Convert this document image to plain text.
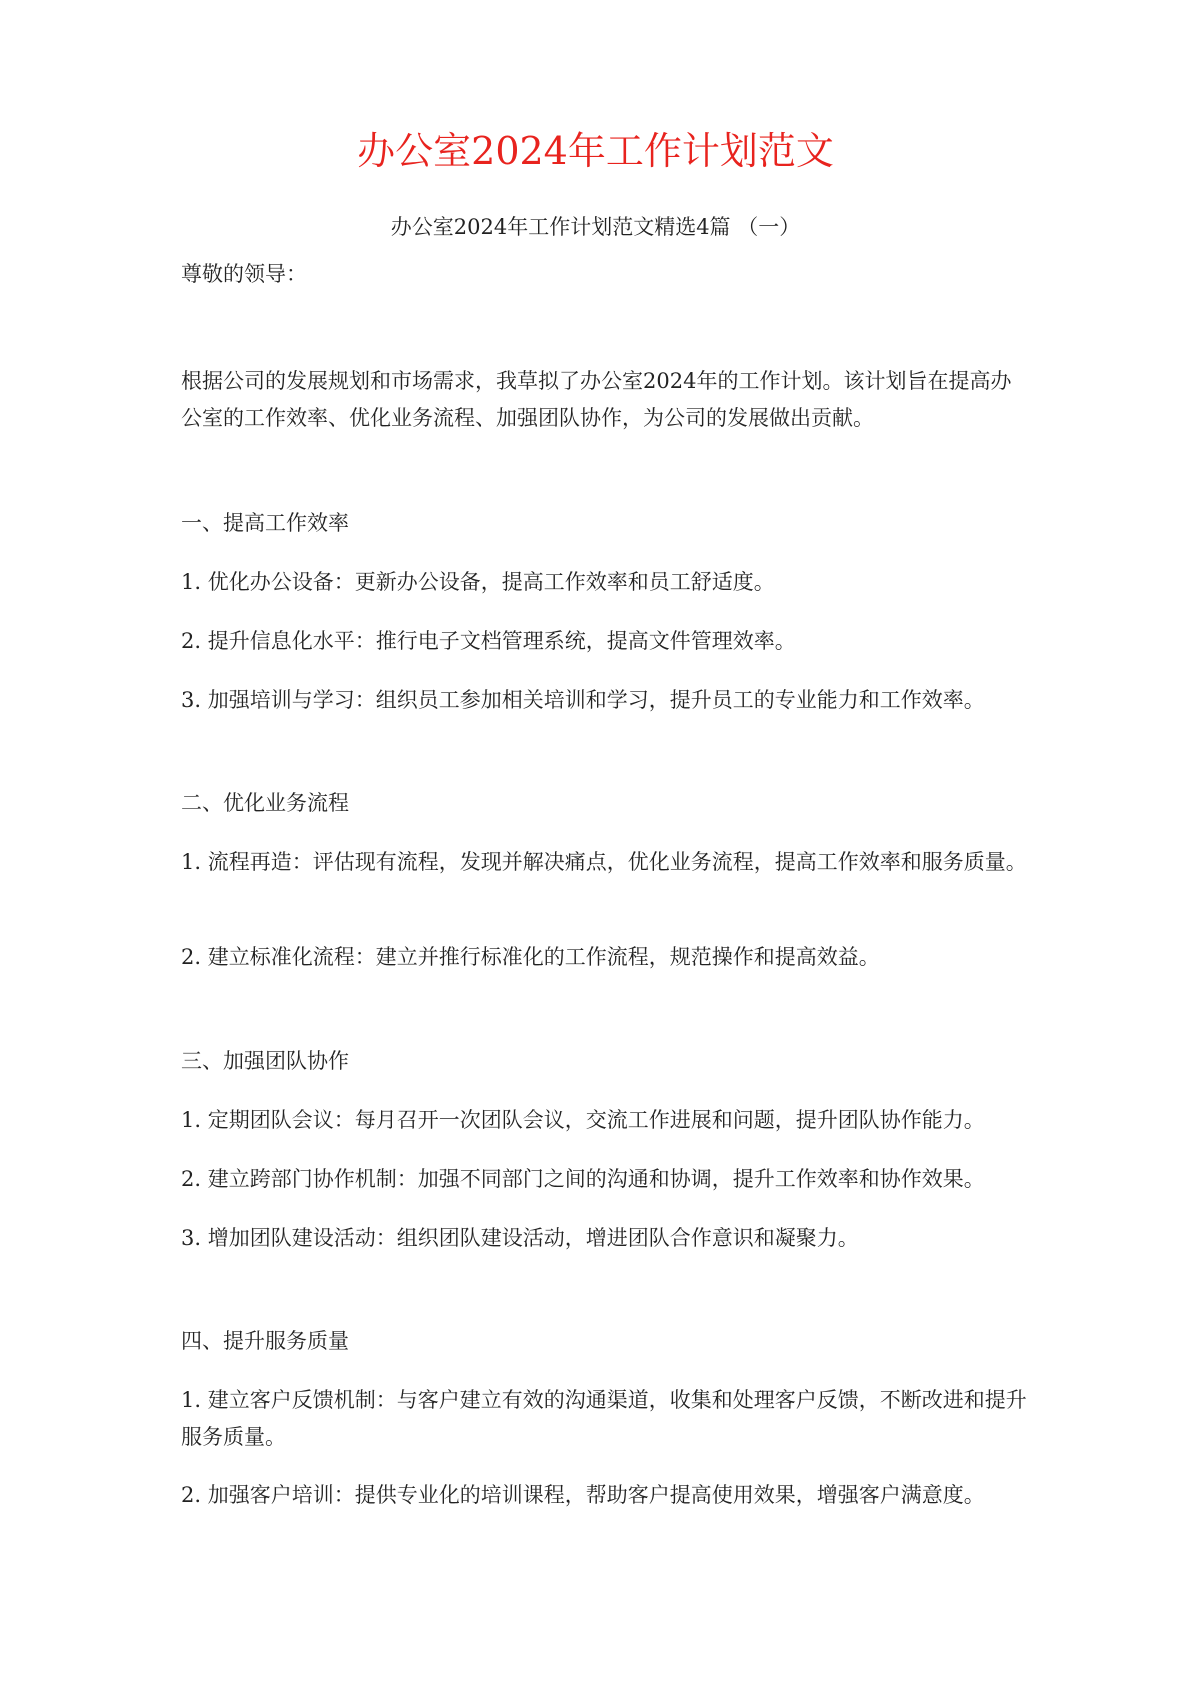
办公室2024年工作计划范文
办公室2024年工作计划范文精选4篇 （一）
尊敬的领导：
根据公司的发展规划和市场需求，我草拟了办公室2024年的工作计划。该计划旨在提高办公室的工作效率、优化业务流程、加强团队协作，为公司的发展做出贡献。
一、提高工作效率
1. 优化办公设备：更新办公设备，提高工作效率和员工舒适度。
2. 提升信息化水平：推行电子文档管理系统，提高文件管理效率。
3. 加强培训与学习：组织员工参加相关培训和学习，提升员工的专业能力和工作效率。
二、优化业务流程
1. 流程再造：评估现有流程，发现并解决痛点，优化业务流程，提高工作效率和服务质量。
2. 建立标准化流程：建立并推行标准化的工作流程，规范操作和提高效益。
三、加强团队协作
1. 定期团队会议：每月召开一次团队会议，交流工作进展和问题，提升团队协作能力。
2. 建立跨部门协作机制：加强不同部门之间的沟通和协调，提升工作效率和协作效果。
3. 增加团队建设活动：组织团队建设活动，增进团队合作意识和凝聚力。
四、提升服务质量
1. 建立客户反馈机制：与客户建立有效的沟通渠道，收集和处理客户反馈，不断改进和提升服务质量。
2. 加强客户培训：提供专业化的培训课程，帮助客户提高使用效果，增强客户满意度。
